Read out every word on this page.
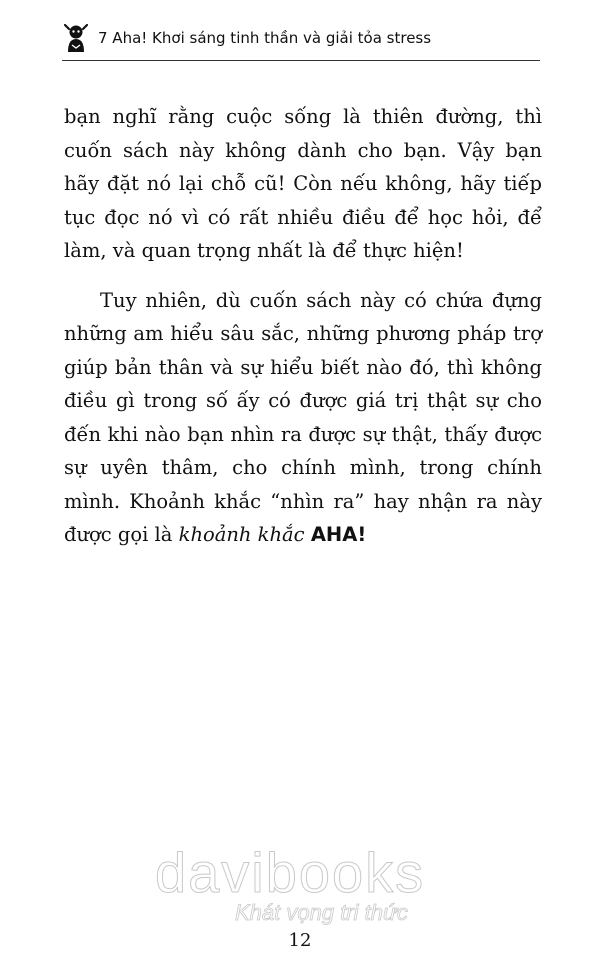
7 Aha! Khơi sáng tinh thần và giải tỏa stress

bạn nghĩ rằng cuộc sống là thiên đường, thì cuốn sách này không dành cho bạn. Vậy bạn hãy đặt nó lại chỗ cũ! Còn nếu không, hãy tiếp tục đọc nó vì có rất nhiều điều để học hỏi, để làm, và quan trọng nhất là để thực hiện!

Tuy nhiên, dù cuốn sách này có chứa đựng những am hiểu sâu sắc, những phương pháp trợ giúp bản thân và sự hiểu biết nào đó, thì không điều gì trong số ấy có được giá trị thật sự cho đến khi nào bạn nhìn ra được sự thật, thấy được sự uyên thâm, cho chính mình, trong chính mình. Khoảnh khắc “nhìn ra” hay nhận ra này được gọi là khoảnh khắc AHA!

davibooks
Khát vọng tri thức
12
